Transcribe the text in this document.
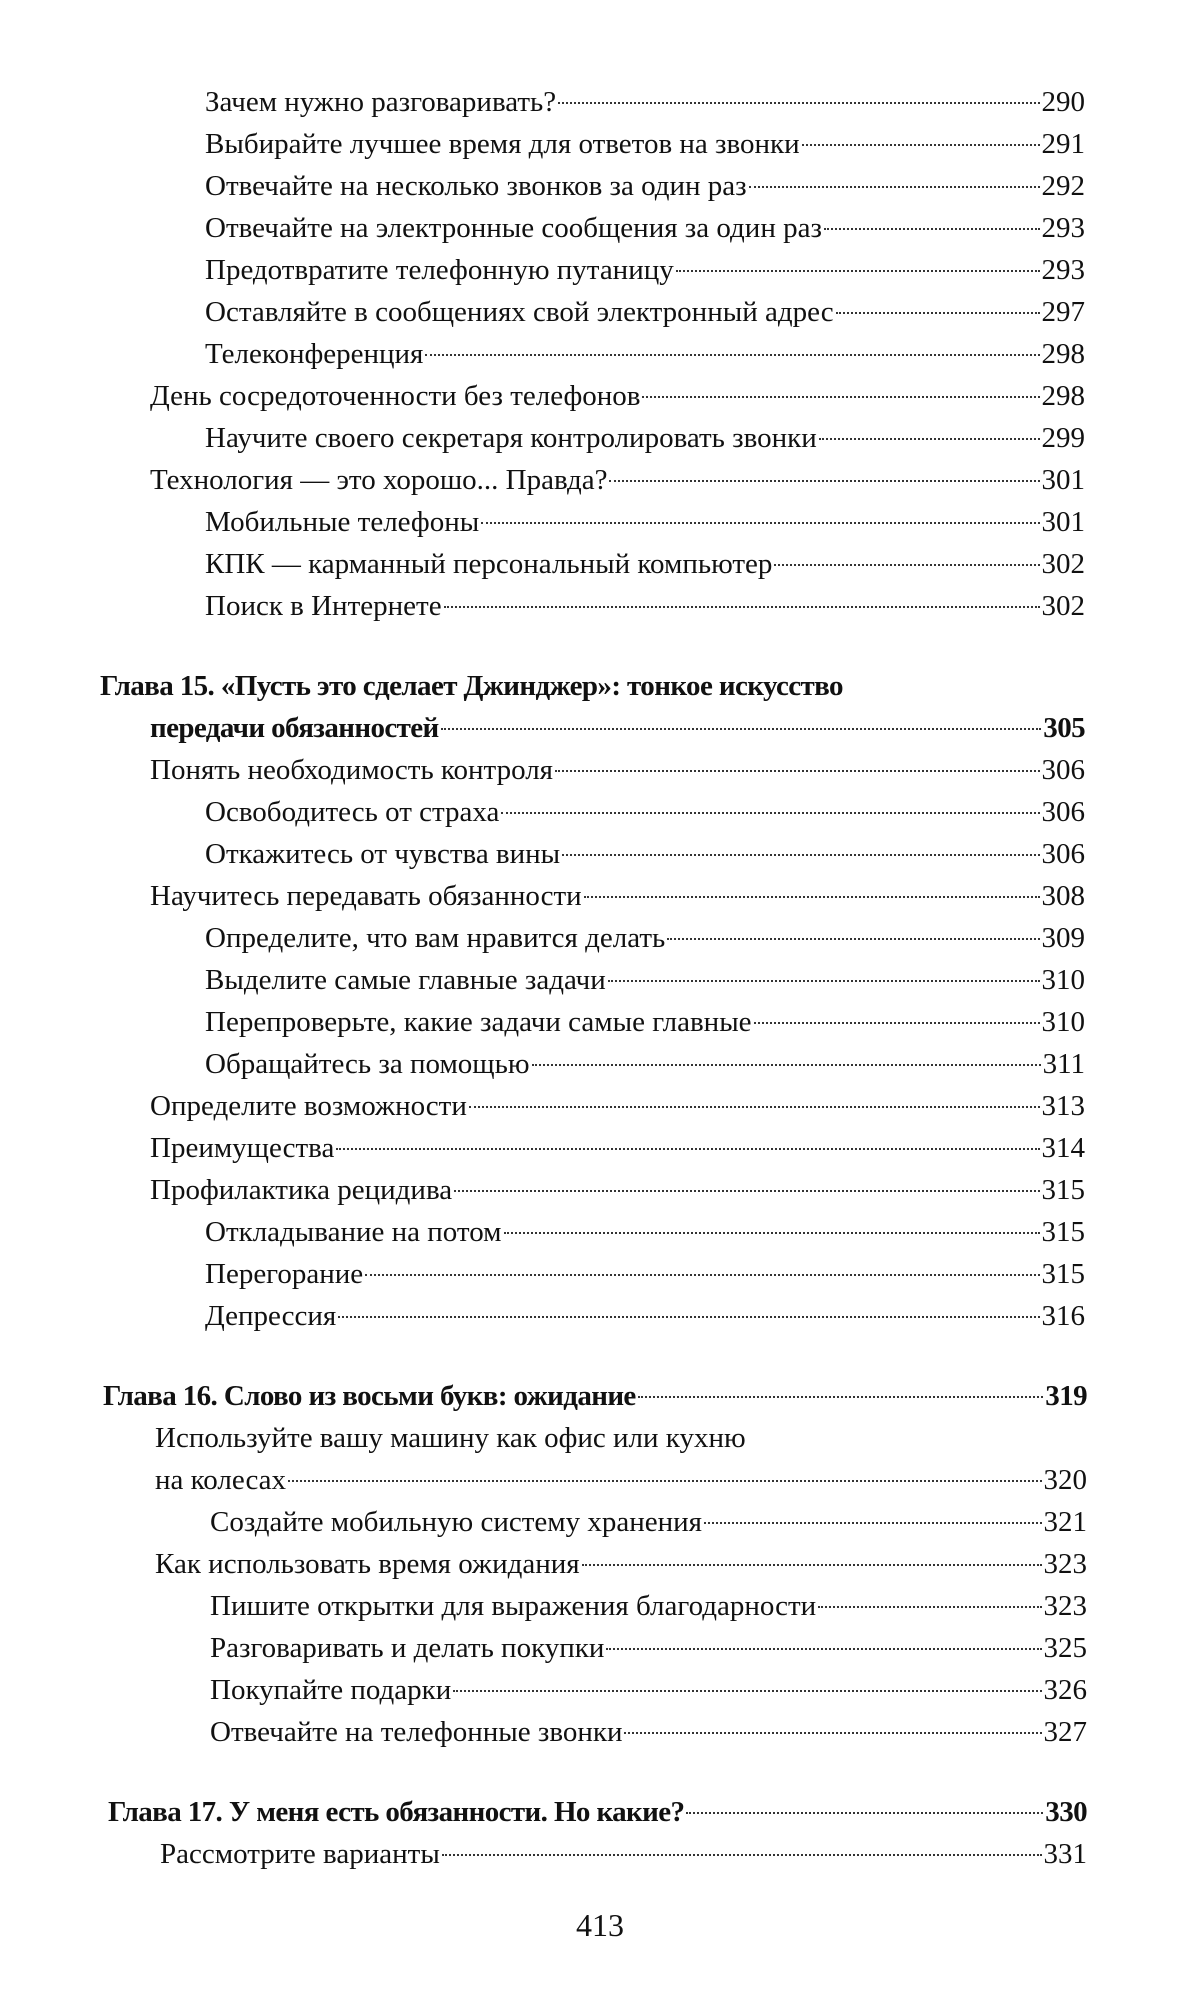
Зачем нужно разговаривать?	290
Выбирайте лучшее время для ответов на звонки	291
Отвечайте на несколько звонков за один раз	292
Отвечайте на электронные сообщения за один раз	293
Предотвратите телефонную путаницу	293
Оставляйте в сообщениях свой электронный адрес	297
Телеконференция	298
День сосредоточенности без телефонов	298
Научите своего секретаря контролировать звонки	299
Технология — это хорошо... Правда?	301
Мобильные телефоны	301
КПК — карманный персональный компьютер	302
Поиск в Интернете	302
Глава 15. «Пусть это сделает Джинджер»: тонкое искусство
передачи обязанностей	305
Понять необходимость контроля	306
Освободитесь от страха	306
Откажитесь от чувства вины	306
Научитесь передавать обязанности	308
Определите, что вам нравится делать	309
Выделите самые главные задачи	310
Перепроверьте, какие задачи самые главные	310
Обращайтесь за помощью	311
Определите возможности	313
Преимущества	314
Профилактика рецидива	315
Откладывание на потом	315
Перегорание	315
Депрессия	316
Глава 16. Слово из восьми букв: ожидание	319
Используйте вашу машину как офис или кухню
на колесах	320
Создайте мобильную систему хранения	321
Как использовать время ожидания	323
Пишите открытки для выражения благодарности	323
Разговаривать и делать покупки	325
Покупайте подарки	326
Отвечайте на телефонные звонки	327
Глава 17. У меня есть обязанности. Но какие?	330
Рассмотрите варианты	331
413
